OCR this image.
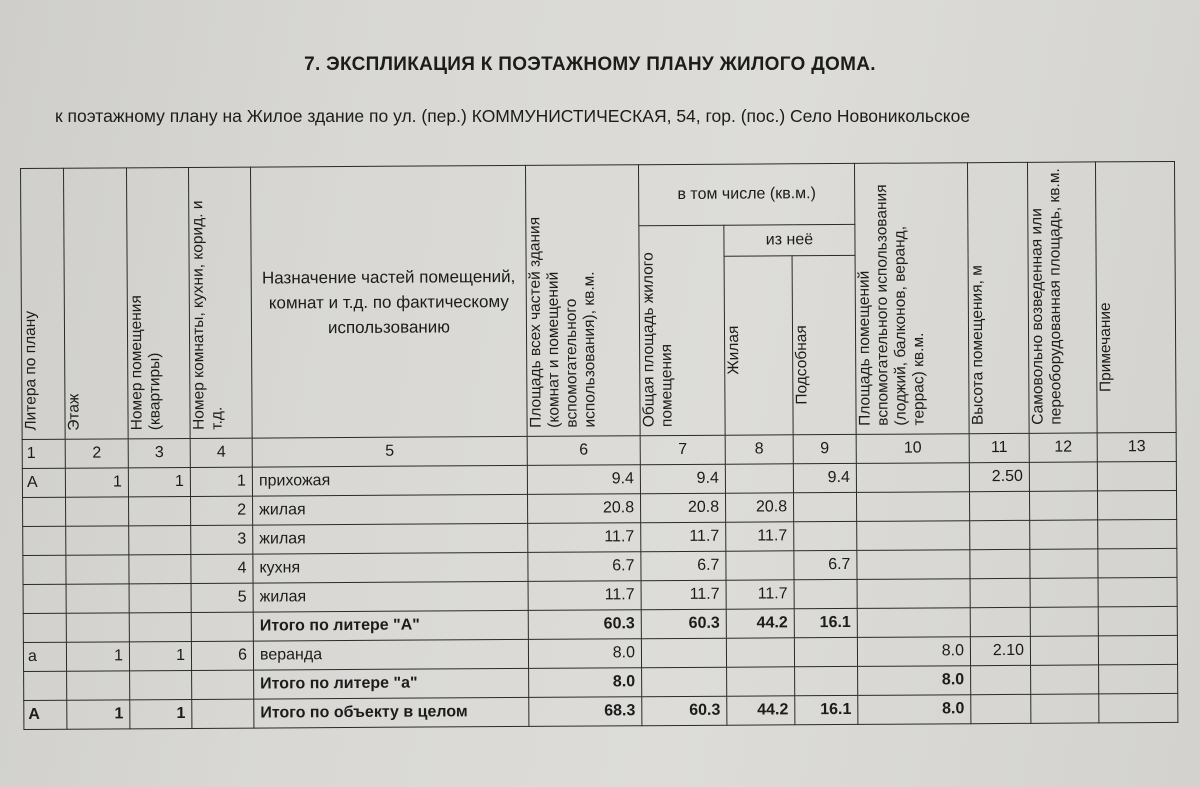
7. ЭКСПЛИКАЦИЯ К ПОЭТАЖНОМУ ПЛАНУ ЖИЛОГО ДОМА.
к поэтажному плану на Жилое здание по ул. (пер.) КОММУНИСТИЧЕСКАЯ, 54, гор. (пос.) Село Новоникольское
Литера по плану	Этаж	Номер помещения (квартиры)	Номер комнаты, кухни, корид. и т.д.	Назначение частей помещений, комнат и т.д. по фактическому использованию	Площадь всех частей здания (комнат и помещений вспомогательного использования), кв.м.	в том числе (кв.м.)			Площадь помещений вспомогательного использования (лоджий, балконов, веранд, террас) кв.м.	Высота помещения, м	Самовольно возведенная или переоборудованная площадь, кв.м.	Примечание

						Общая площадь жилого помещения	из неё					

							Жилая	Подсобная				

1	2	3	4	5	6	7	8	9	10	11	12	13
А	1	1	1	прихожая	9.4	9.4		9.4		2.50		
			2	жилая	20.8	20.8	20.8					
			3	жилая	11.7	11.7	11.7					
			4	кухня	6.7	6.7		6.7				
			5	жилая	11.7	11.7	11.7					
				Итого по литере "А"	60.3	60.3	44.2	16.1				
а	1	1	6	веранда	8.0				8.0	2.10		
				Итого по литере "а"	8.0				8.0			
А	1	1		Итого по объекту в целом	68.3	60.3	44.2	16.1	8.0			
